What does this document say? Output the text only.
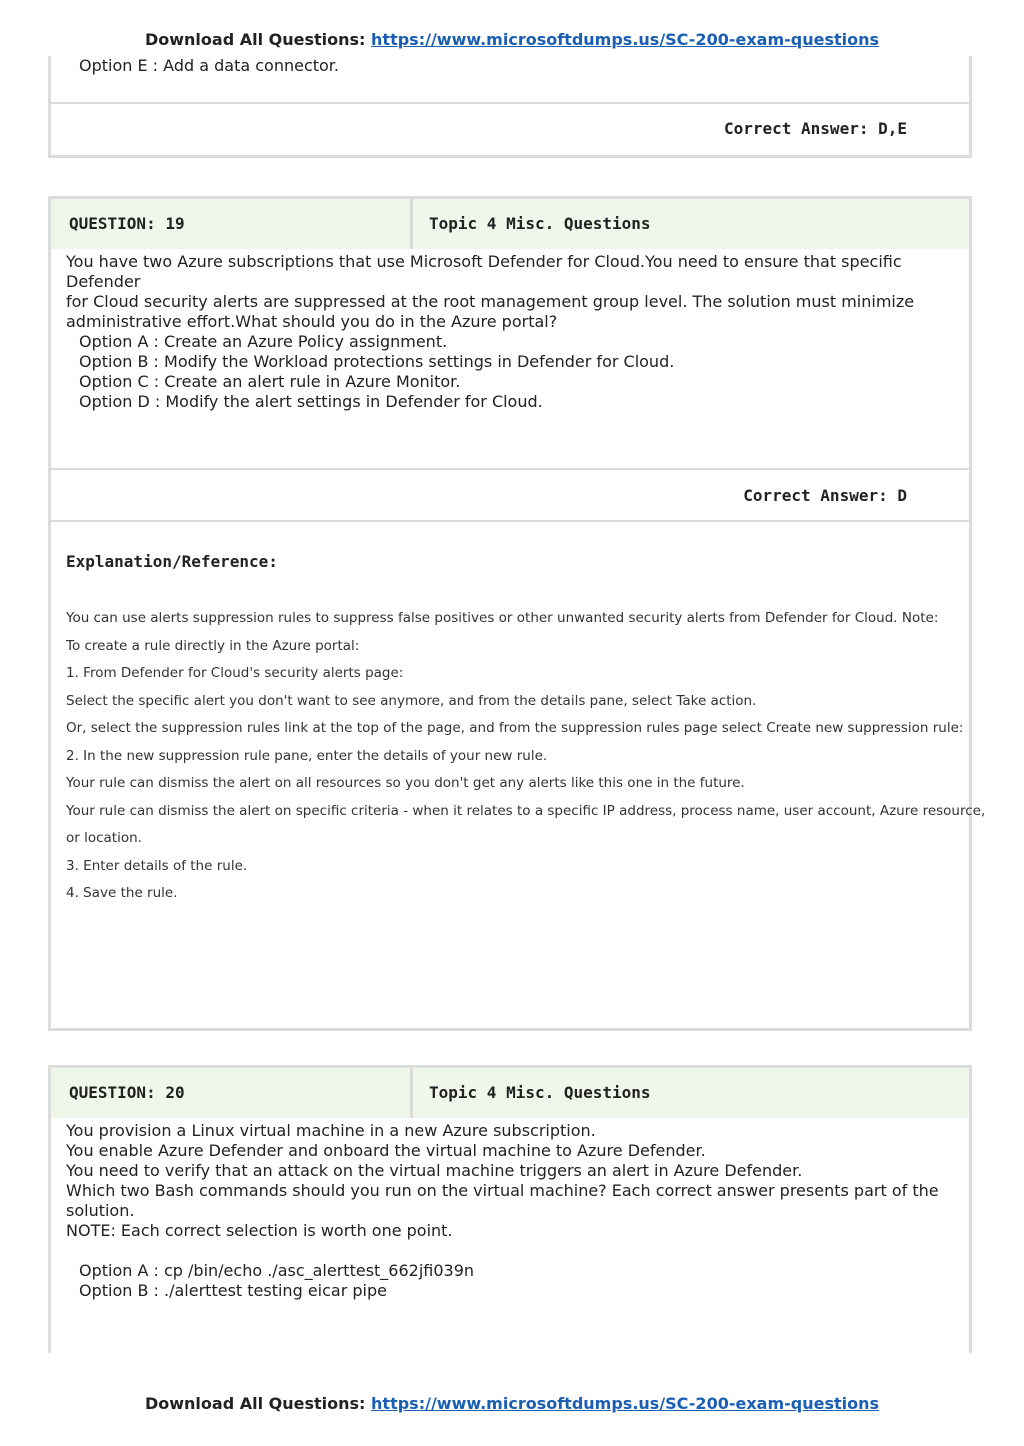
Download All Questions: https://www.microsoftdumps.us/SC-200-exam-questions
Option E : Add a data connector.
Correct Answer: D,E
QUESTION: 19	Topic 4 Misc. Questions
You have two Azure subscriptions that use Microsoft Defender for Cloud.You need to ensure that specific Defender
for Cloud security alerts are suppressed at the root management group level. The solution must minimize
administrative effort.What should you do in the Azure portal?
Option A : Create an Azure Policy assignment.
Option B : Modify the Workload protections settings in Defender for Cloud.
Option C : Create an alert rule in Azure Monitor.
Option D : Modify the alert settings in Defender for Cloud.
Correct Answer: D
Explanation/Reference:
You can use alerts suppression rules to suppress false positives or other unwanted security alerts from Defender for Cloud. Note:
To create a rule directly in the Azure portal:
1. From Defender for Cloud's security alerts page:
Select the specific alert you don't want to see anymore, and from the details pane, select Take action.
Or, select the suppression rules link at the top of the page, and from the suppression rules page select Create new suppression rule:
2. In the new suppression rule pane, enter the details of your new rule.
Your rule can dismiss the alert on all resources so you don't get any alerts like this one in the future.
Your rule can dismiss the alert on specific criteria - when it relates to a specific IP address, process name, user account, Azure resource,
or location.
3. Enter details of the rule.
4. Save the rule.
QUESTION: 20	Topic 4 Misc. Questions
You provision a Linux virtual machine in a new Azure subscription.
You enable Azure Defender and onboard the virtual machine to Azure Defender.
You need to verify that an attack on the virtual machine triggers an alert in Azure Defender.
Which two Bash commands should you run on the virtual machine? Each correct answer presents part of the
solution.
NOTE: Each correct selection is worth one point.
Option A : cp /bin/echo ./asc_alerttest_662jfi039n
Option B : ./alerttest testing eicar pipe
Download All Questions: https://www.microsoftdumps.us/SC-200-exam-questions
